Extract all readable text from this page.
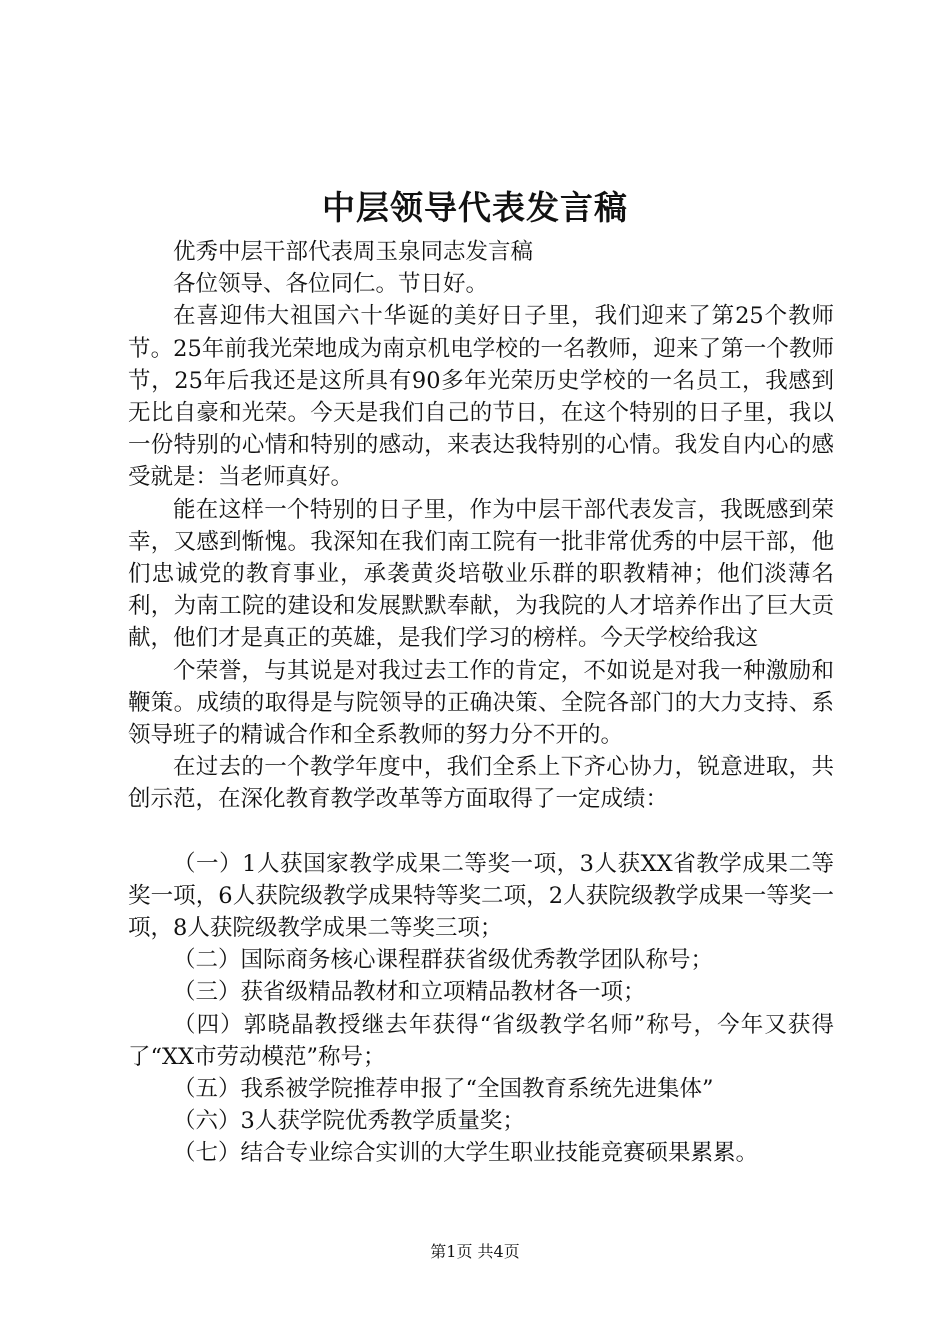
中层领导代表发言稿

优秀中层干部代表周玉泉同志发言稿

各位领导、各位同仁。节日好。

在喜迎伟大祖国六十华诞的美好日子里，我们迎来了第25个教师节。25年前我光荣地成为南京机电学校的一名教师，迎来了第一个教师节，25年后我还是这所具有90多年光荣历史学校的一名员工，我感到无比自豪和光荣。今天是我们自己的节日，在这个特别的日子里，我以一份特别的心情和特别的感动，来表达我特别的心情。我发自内心的感受就是：当老师真好。

能在这样一个特别的日子里，作为中层干部代表发言，我既感到荣幸，又感到惭愧。我深知在我们南工院有一批非常优秀的中层干部，他们忠诚党的教育事业，承袭黄炎培敬业乐群的职教精神；他们淡薄名利，为南工院的建设和发展默默奉献，为我院的人才培养作出了巨大贡献，他们才是真正的英雄，是我们学习的榜样。今天学校给我这

个荣誉，与其说是对我过去工作的肯定，不如说是对我一种激励和鞭策。成绩的取得是与院领导的正确决策、全院各部门的大力支持、系领导班子的精诚合作和全系教师的努力分不开的。

在过去的一个教学年度中，我们全系上下齐心协力，锐意进取，共创示范，在深化教育教学改革等方面取得了一定成绩：

（一）1人获国家教学成果二等奖一项，3人获XX省教学成果二等奖一项，6人获院级教学成果特等奖二项，2人获院级教学成果一等奖一项，8人获院级教学成果二等奖三项；

（二）国际商务核心课程群获省级优秀教学团队称号；

（三）获省级精品教材和立项精品教材各一项；

（四）郭晓晶教授继去年获得“省级教学名师”称号，今年又获得了“XX市劳动模范”称号；

（五）我系被学院推荐申报了“全国教育系统先进集体”

（六）3人获学院优秀教学质量奖；

（七）结合专业综合实训的大学生职业技能竞赛硕果累累。

第1页 共4页
